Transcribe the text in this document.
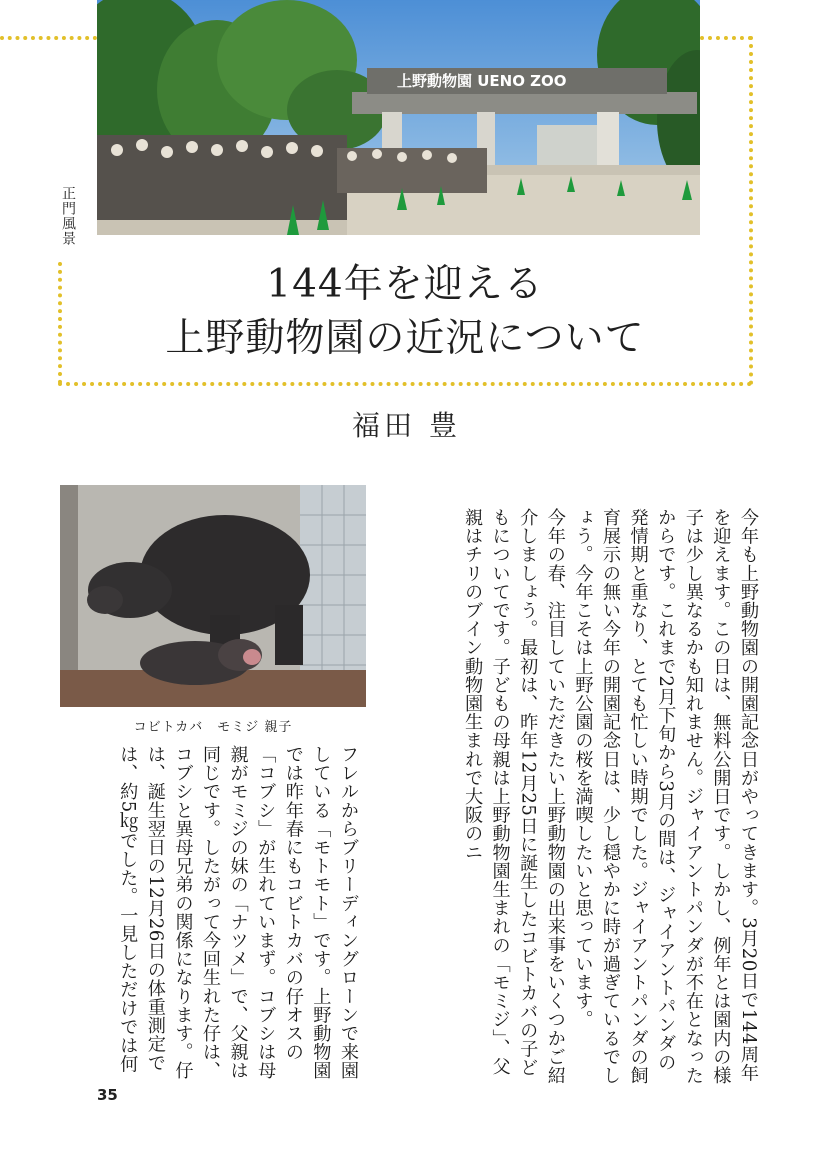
正門風景
上野動物園 UENO ZOO
144年を迎える
上野動物園の近況について
福田 豊
コビトカバ　モミジ 親子	今年も上野動物園の開園記念日がやってきます。3月20日で144周年を迎えます。この日は、無料公開日です。しかし、例年とは園内の様子は少し異なるかも知れません。ジャイアントパンダが不在となったからです。これまで2月下旬から3月の間は、ジャイアントパンダの発情期と重なり、とても忙しい時期でした。ジャイアントパンダの飼育展示の無い今年の開園記念日は、少し穏やかに時が過ぎているでしょう。今年こそは上野公園の桜を満喫したいと思っています。

今年の春、注目していただきたい上野動物園の出来事をいくつかご紹介しましょう。最初は、昨年12月25日に誕生したコビトカバの子どもについてです。子どもの母親は上野動物園生まれの「モミジ」、父親はチリのブイン動物園生まれで大阪のニ

フレルからブリーディングローンで来園している「モトモト」です。上野動物園では昨年春にもコビトカバの仔オスの「コブシ」が生れていまず。コブシは母親がモミジの妹の「ナツメ」で、父親は同じです。したがって今回生れた仔は、コブシと異母兄弟の関係になります。仔は、誕生翌日の12月26日の体重測定では、約5㎏でした。一見しただけでは何

35
